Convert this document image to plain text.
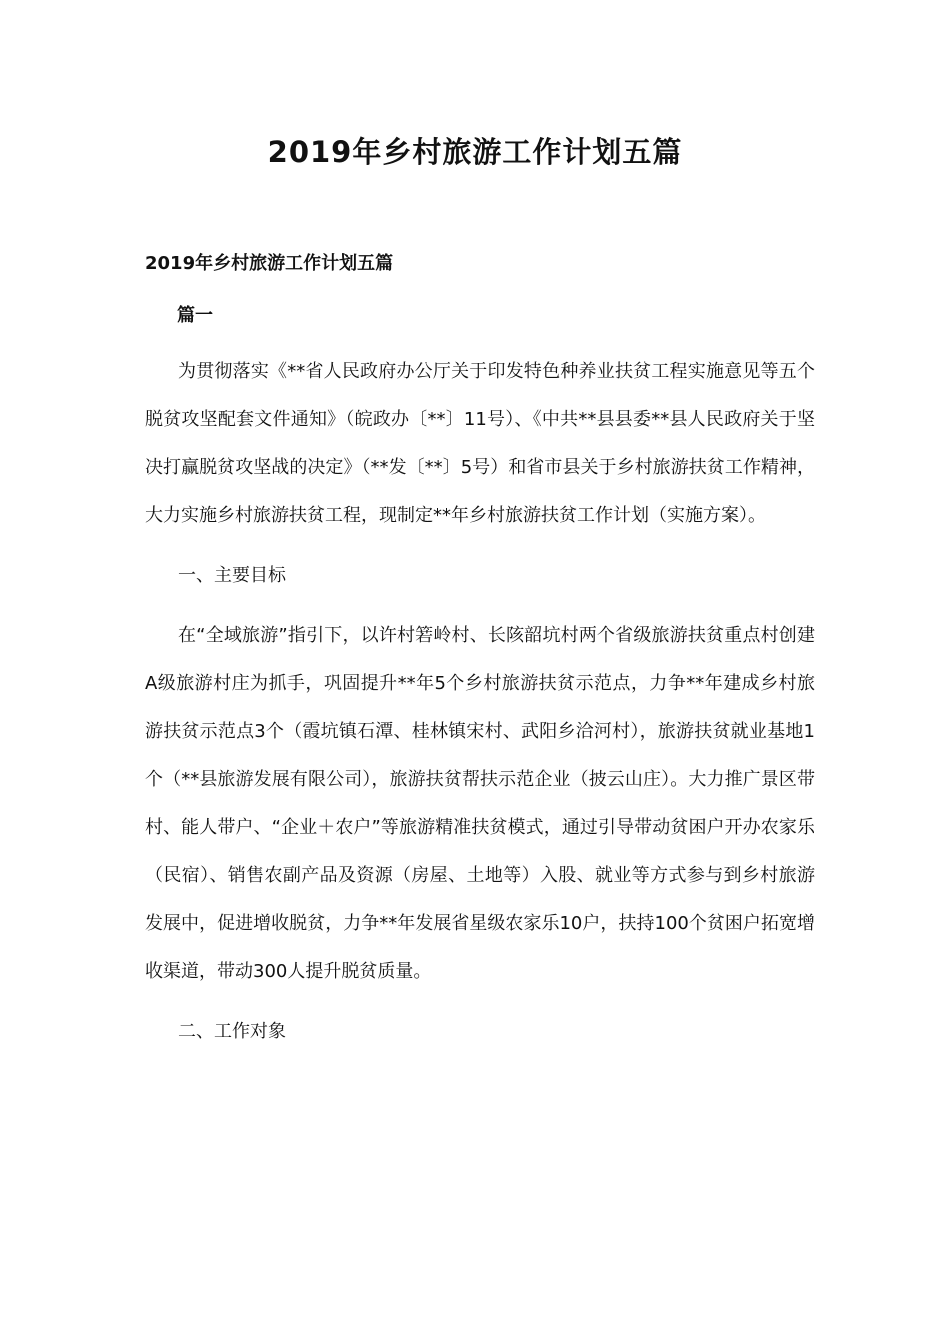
2019年乡村旅游工作计划五篇

2019年乡村旅游工作计划五篇

篇一

为贯彻落实《**省人民政府办公厅关于印发特色种养业扶贫工程实施意见等五个脱贫攻坚配套文件通知》（皖政办〔**〕11号）、《中共**县县委**县人民政府关于坚决打赢脱贫攻坚战的决定》（**发〔**〕5号）和省市县关于乡村旅游扶贫工作精神，大力实施乡村旅游扶贫工程，现制定**年乡村旅游扶贫工作计划（实施方案）。

一、主要目标

在“全域旅游”指引下，以许村箬岭村、长陔韶坑村两个省级旅游扶贫重点村创建A级旅游村庄为抓手，巩固提升**年5个乡村旅游扶贫示范点，力争**年建成乡村旅游扶贫示范点3个（霞坑镇石潭、桂林镇宋村、武阳乡洽河村），旅游扶贫就业基地1个（**县旅游发展有限公司），旅游扶贫帮扶示范企业（披云山庄）。大力推广景区带村、能人带户、“企业＋农户”等旅游精准扶贫模式，通过引导带动贫困户开办农家乐（民宿）、销售农副产品及资源（房屋、土地等）入股、就业等方式参与到乡村旅游发展中，促进增收脱贫，力争**年发展省星级农家乐10户，扶持100个贫困户拓宽增收渠道，带动300人提升脱贫质量。

二、工作对象
